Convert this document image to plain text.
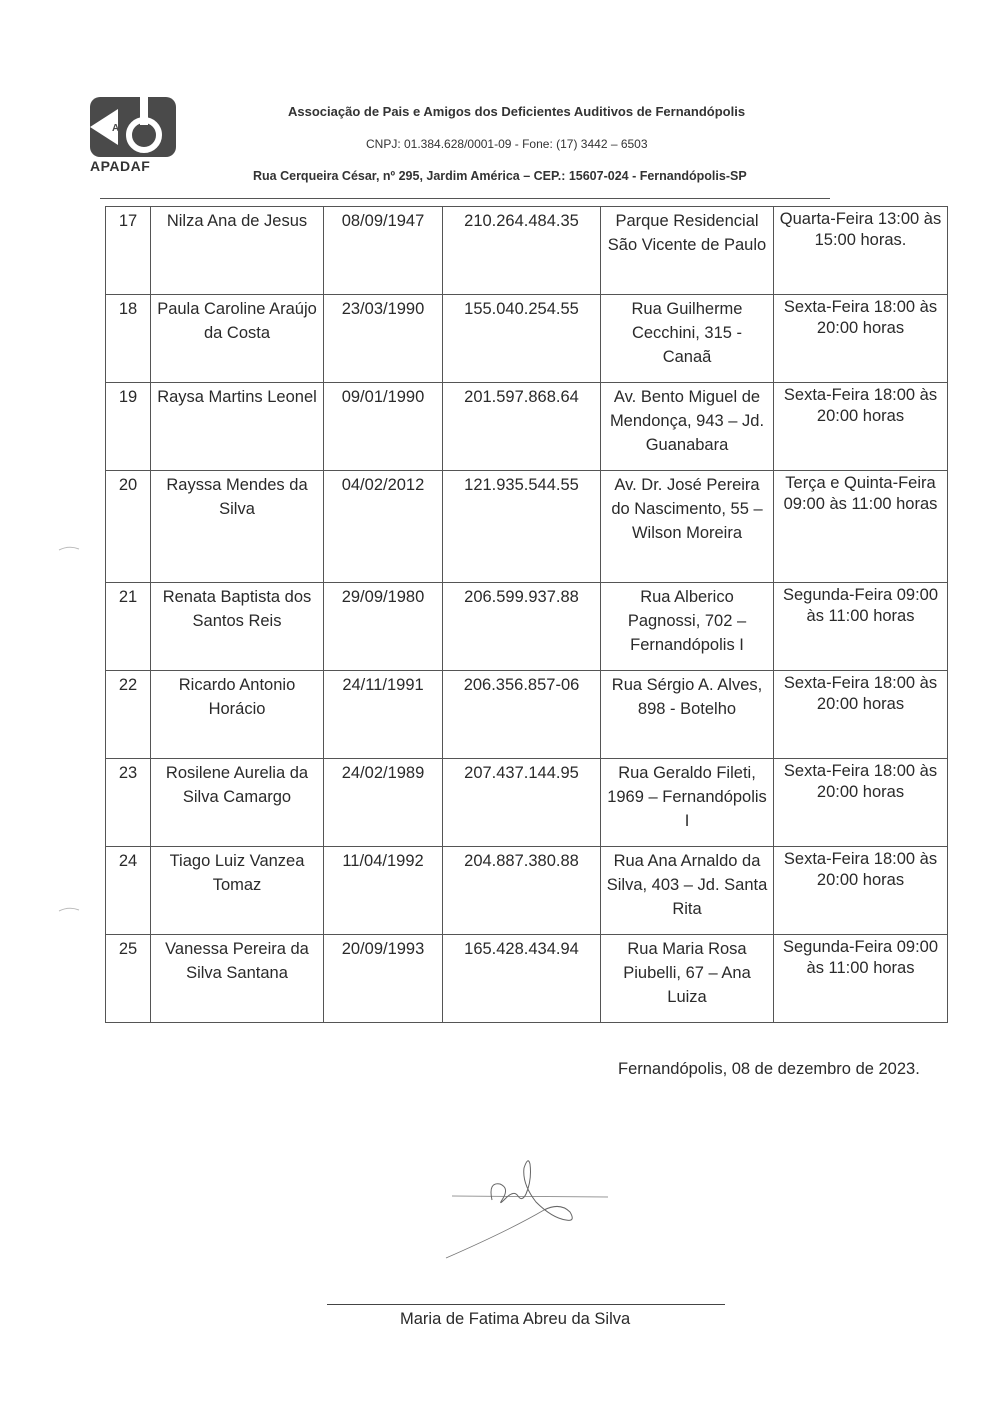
A
APADAF
Associação de Pais e Amigos dos Deficientes Auditivos de Fernandópolis
CNPJ: 01.384.628/0001-09 - Fone: (17) 3442 – 6503
Rua Cerqueira César, nº 295, Jardim América – CEP.: 15607-024 - Fernandópolis-SP
17	Nilza Ana de Jesus	08/09/1947	210.264.484.35	Parque Residencial São Vicente de Paulo	Quarta-Feira 13:00 às 15:00 horas.
18	Paula Caroline Araújo da Costa	23/03/1990	155.040.254.55	Rua Guilherme Cecchini, 315 - Canaã	Sexta-Feira 18:00 às 20:00 horas
19	Raysa Martins Leonel	09/01/1990	201.597.868.64	Av. Bento Miguel de Mendonça, 943 – Jd. Guanabara	Sexta-Feira 18:00 às 20:00 horas
20	Rayssa Mendes da Silva	04/02/2012	121.935.544.55	Av. Dr. José Pereira do Nascimento, 55 – Wilson Moreira	Terça e Quinta-Feira 09:00 às 11:00 horas
21	Renata Baptista dos Santos Reis	29/09/1980	206.599.937.88	Rua Alberico Pagnossi, 702 – Fernandópolis I	Segunda-Feira 09:00 às 11:00 horas
22	Ricardo Antonio Horácio	24/11/1991	206.356.857-06	Rua Sérgio A. Alves, 898 - Botelho	Sexta-Feira 18:00 às 20:00 horas
23	Rosilene Aurelia da Silva Camargo	24/02/1989	207.437.144.95	Rua Geraldo Fileti, 1969 – Fernandópolis I	Sexta-Feira 18:00 às 20:00 horas
24	Tiago Luiz Vanzea Tomaz	11/04/1992	204.887.380.88	Rua Ana Arnaldo da Silva, 403 – Jd. Santa Rita	Sexta-Feira 18:00 às 20:00 horas
25	Vanessa Pereira da Silva Santana	20/09/1993	165.428.434.94	Rua Maria Rosa Piubelli, 67 – Ana Luiza	Segunda-Feira 09:00 às 11:00 horas
Fernandópolis, 08 de dezembro de 2023.
Maria de Fatima Abreu da Silva
